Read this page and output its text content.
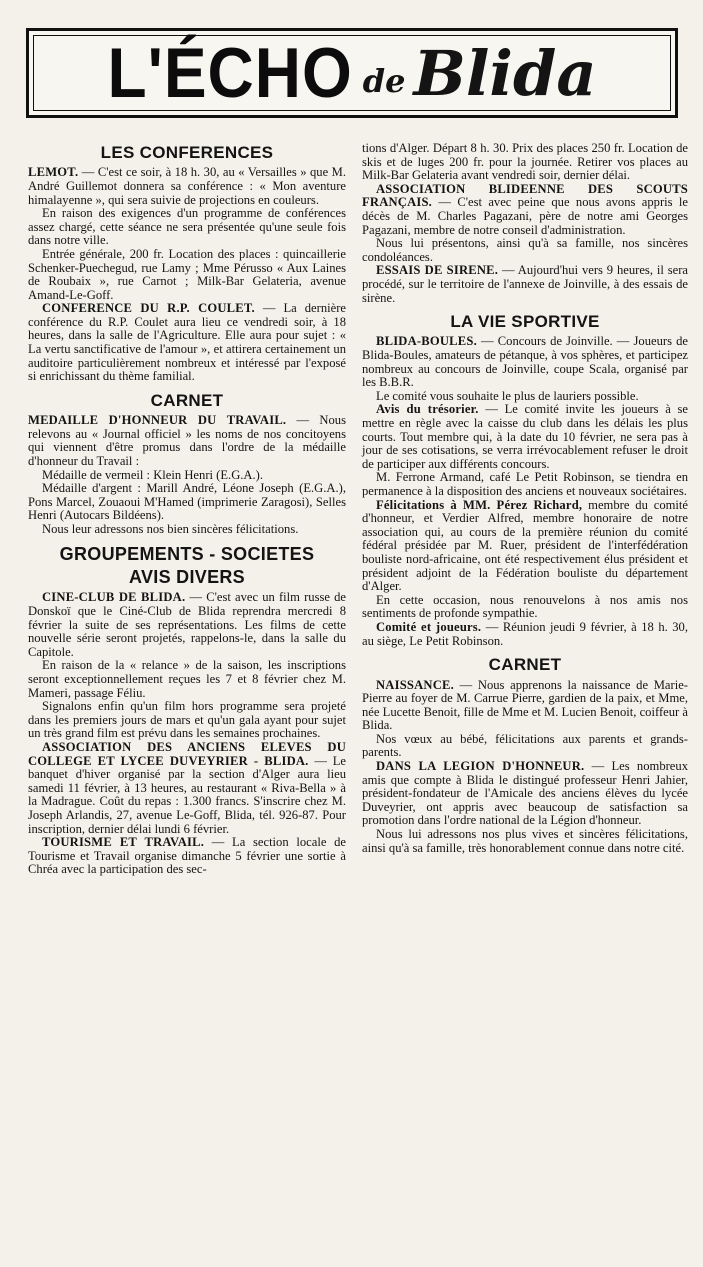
L'ÉCHO de Blida
LES CONFERENCES

LEMOT. — C'est ce soir, à 18 h. 30, au « Versailles » que M. André Guillemot donnera sa conférence : « Mon aventure himalayenne », qui sera suivie de projections en couleurs.

En raison des exigences d'un programme de conférences assez chargé, cette séance ne sera présentée qu'une seule fois dans notre ville.

Entrée générale, 200 fr. Location des places : quincaillerie Schenker-Puechegud, rue Lamy ; Mme Pérusso « Aux Laines de Roubaix », rue Carnot ; Milk-Bar Gelateria, avenue Amand-Le-Goff.

CONFERENCE DU R.P. COULET. — La dernière conférence du R.P. Coulet aura lieu ce vendredi soir, à 18 heures, dans la salle de l'Agriculture. Elle aura pour sujet : « La vertu sanctificative de l'amour », et attirera certainement un auditoire particulièrement nombreux et intéressé par l'exposé si enrichissant du thème familial.

CARNET

MEDAILLE D'HONNEUR DU TRAVAIL. — Nous relevons au « Journal officiel » les noms de nos concitoyens qui viennent d'être promus dans l'ordre de la médaille d'honneur du Travail :

Médaille de vermeil : Klein Henri (E.G.A.).

Médaille d'argent : Marill André, Léone Joseph (E.G.A.), Pons Marcel, Zouaoui M'Hamed (imprimerie Zaragosi), Selles Henri (Autocars Bildéens).

Nous leur adressons nos bien sincères félicitations.

GROUPEMENTS - SOCIETES
AVIS DIVERS

CINE-CLUB DE BLIDA. — C'est avec un film russe de Donskoï que le Ciné-Club de Blida reprendra mercredi 8 février la suite de ses représentations. Les films de cette nouvelle série seront projetés, rappelons-le, dans la salle du Capitole.

En raison de la « relance » de la saison, les inscriptions seront exceptionnellement reçues les 7 et 8 février chez M. Mameri, passage Féliu.

Signalons enfin qu'un film hors programme sera projeté dans les premiers jours de mars et qu'un gala ayant pour sujet un très grand film est prévu dans les semaines prochaines.

ASSOCIATION DES ANCIENS ELEVES DU COLLEGE ET LYCEE DUVEYRIER - BLIDA. — Le banquet d'hiver organisé par la section d'Alger aura lieu samedi 11 février, à 13 heures, au restaurant « Riva-Bella » à la Madrague. Coût du repas : 1.300 francs. S'inscrire chez M. Joseph Arlandis, 27, avenue Le-Goff, Blida, tél. 926-87. Pour inscription, dernier délai lundi 6 février.

TOURISME ET TRAVAIL. — La section locale de Tourisme et Travail organise dimanche 5 février une sortie à Chréa avec la participation des sec-

tions d'Alger. Départ 8 h. 30. Prix des places 250 fr. Location de skis et de luges 200 fr. pour la journée. Retirer vos places au Milk-Bar Gelateria avant vendredi soir, dernier délai.

ASSOCIATION BLIDEENNE DES SCOUTS FRANÇAIS. — C'est avec peine que nous avons appris le décès de M. Charles Pagazani, père de notre ami Georges Pagazani, membre de notre conseil d'administration.

Nous lui présentons, ainsi qu'à sa famille, nos sincères condoléances.

ESSAIS DE SIRENE. — Aujourd'hui vers 9 heures, il sera procédé, sur le territoire de l'annexe de Joinville, à des essais de sirène.

LA VIE SPORTIVE

BLIDA-BOULES. — Concours de Joinville. — Joueurs de Blida-Boules, amateurs de pétanque, à vos sphères, et participez nombreux au concours de Joinville, coupe Scala, organisé par les B.B.R.

Le comité vous souhaite le plus de lauriers possible.

Avis du trésorier. — Le comité invite les joueurs à se mettre en règle avec la caisse du club dans les délais les plus courts. Tout membre qui, à la date du 10 février, ne sera pas à jour de ses cotisations, se verra irrévocablement refuser le droit de participer aux différents concours.

M. Ferrone Armand, café Le Petit Robinson, se tiendra en permanence à la disposition des anciens et nouveaux sociétaires.

Félicitations à MM. Pérez Richard, membre du comité d'honneur, et Verdier Alfred, membre honoraire de notre association qui, au cours de la première réunion du comité fédéral présidée par M. Ruer, président de l'interfédération bouliste nord-africaine, ont été respectivement élus président et président adjoint de la Fédération bouliste du département d'Alger.

En cette occasion, nous renouvelons à nos amis nos sentiments de profonde sympathie.

Comité et joueurs. — Réunion jeudi 9 février, à 18 h. 30, au siège, Le Petit Robinson.

CARNET

NAISSANCE. — Nous apprenons la naissance de Marie-Pierre au foyer de M. Carrue Pierre, gardien de la paix, et Mme, née Lucette Benoit, fille de Mme et M. Lucien Benoit, coiffeur à Blida.

Nos vœux au bébé, félicitations aux parents et grands-parents.

DANS LA LEGION D'HONNEUR. — Les nombreux amis que compte à Blida le distingué professeur Henri Jahier, président-fondateur de l'Amicale des anciens élèves du lycée Duveyrier, ont appris avec beaucoup de satisfaction sa promotion dans l'ordre national de la Légion d'honneur.

Nous lui adressons nos plus vives et sincères félicitations, ainsi qu'à sa famille, très honorablement connue dans notre cité.
